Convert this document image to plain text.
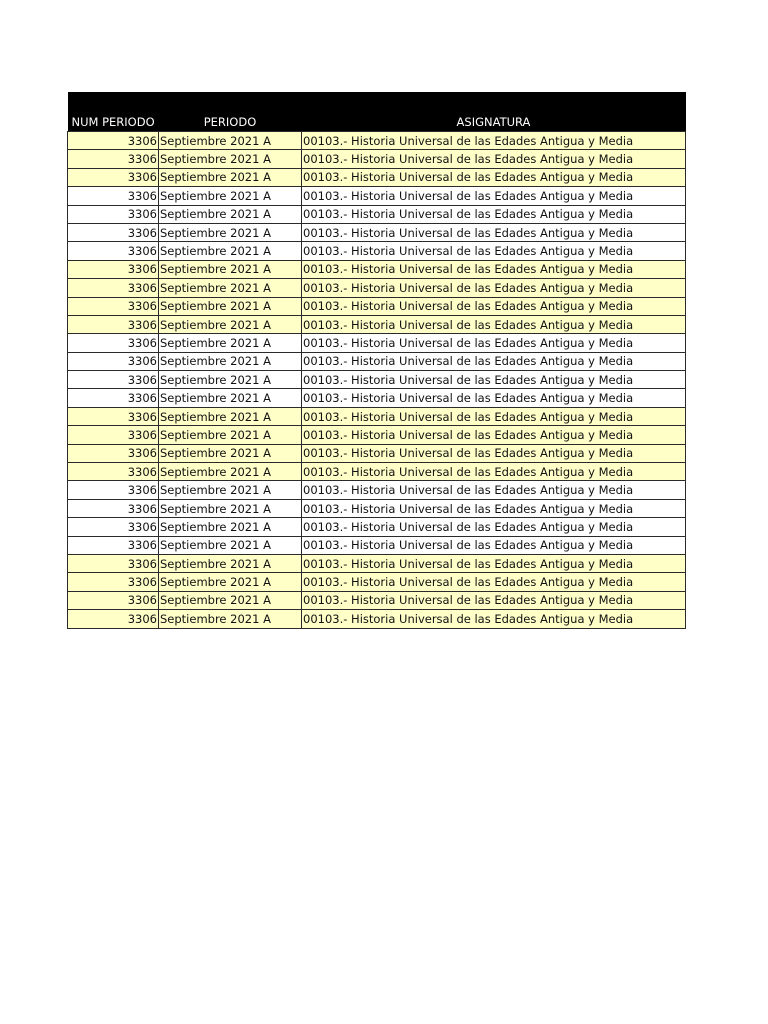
NUM PERIODO	PERIODO	ASIGNATURA
3306	Septiembre 2021 A	00103.- Historia Universal de las Edades Antigua y Media
3306	Septiembre 2021 A	00103.- Historia Universal de las Edades Antigua y Media
3306	Septiembre 2021 A	00103.- Historia Universal de las Edades Antigua y Media
3306	Septiembre 2021 A	00103.- Historia Universal de las Edades Antigua y Media
3306	Septiembre 2021 A	00103.- Historia Universal de las Edades Antigua y Media
3306	Septiembre 2021 A	00103.- Historia Universal de las Edades Antigua y Media
3306	Septiembre 2021 A	00103.- Historia Universal de las Edades Antigua y Media
3306	Septiembre 2021 A	00103.- Historia Universal de las Edades Antigua y Media
3306	Septiembre 2021 A	00103.- Historia Universal de las Edades Antigua y Media
3306	Septiembre 2021 A	00103.- Historia Universal de las Edades Antigua y Media
3306	Septiembre 2021 A	00103.- Historia Universal de las Edades Antigua y Media
3306	Septiembre 2021 A	00103.- Historia Universal de las Edades Antigua y Media
3306	Septiembre 2021 A	00103.- Historia Universal de las Edades Antigua y Media
3306	Septiembre 2021 A	00103.- Historia Universal de las Edades Antigua y Media
3306	Septiembre 2021 A	00103.- Historia Universal de las Edades Antigua y Media
3306	Septiembre 2021 A	00103.- Historia Universal de las Edades Antigua y Media
3306	Septiembre 2021 A	00103.- Historia Universal de las Edades Antigua y Media
3306	Septiembre 2021 A	00103.- Historia Universal de las Edades Antigua y Media
3306	Septiembre 2021 A	00103.- Historia Universal de las Edades Antigua y Media
3306	Septiembre 2021 A	00103.- Historia Universal de las Edades Antigua y Media
3306	Septiembre 2021 A	00103.- Historia Universal de las Edades Antigua y Media
3306	Septiembre 2021 A	00103.- Historia Universal de las Edades Antigua y Media
3306	Septiembre 2021 A	00103.- Historia Universal de las Edades Antigua y Media
3306	Septiembre 2021 A	00103.- Historia Universal de las Edades Antigua y Media
3306	Septiembre 2021 A	00103.- Historia Universal de las Edades Antigua y Media
3306	Septiembre 2021 A	00103.- Historia Universal de las Edades Antigua y Media
3306	Septiembre 2021 A	00103.- Historia Universal de las Edades Antigua y Media
